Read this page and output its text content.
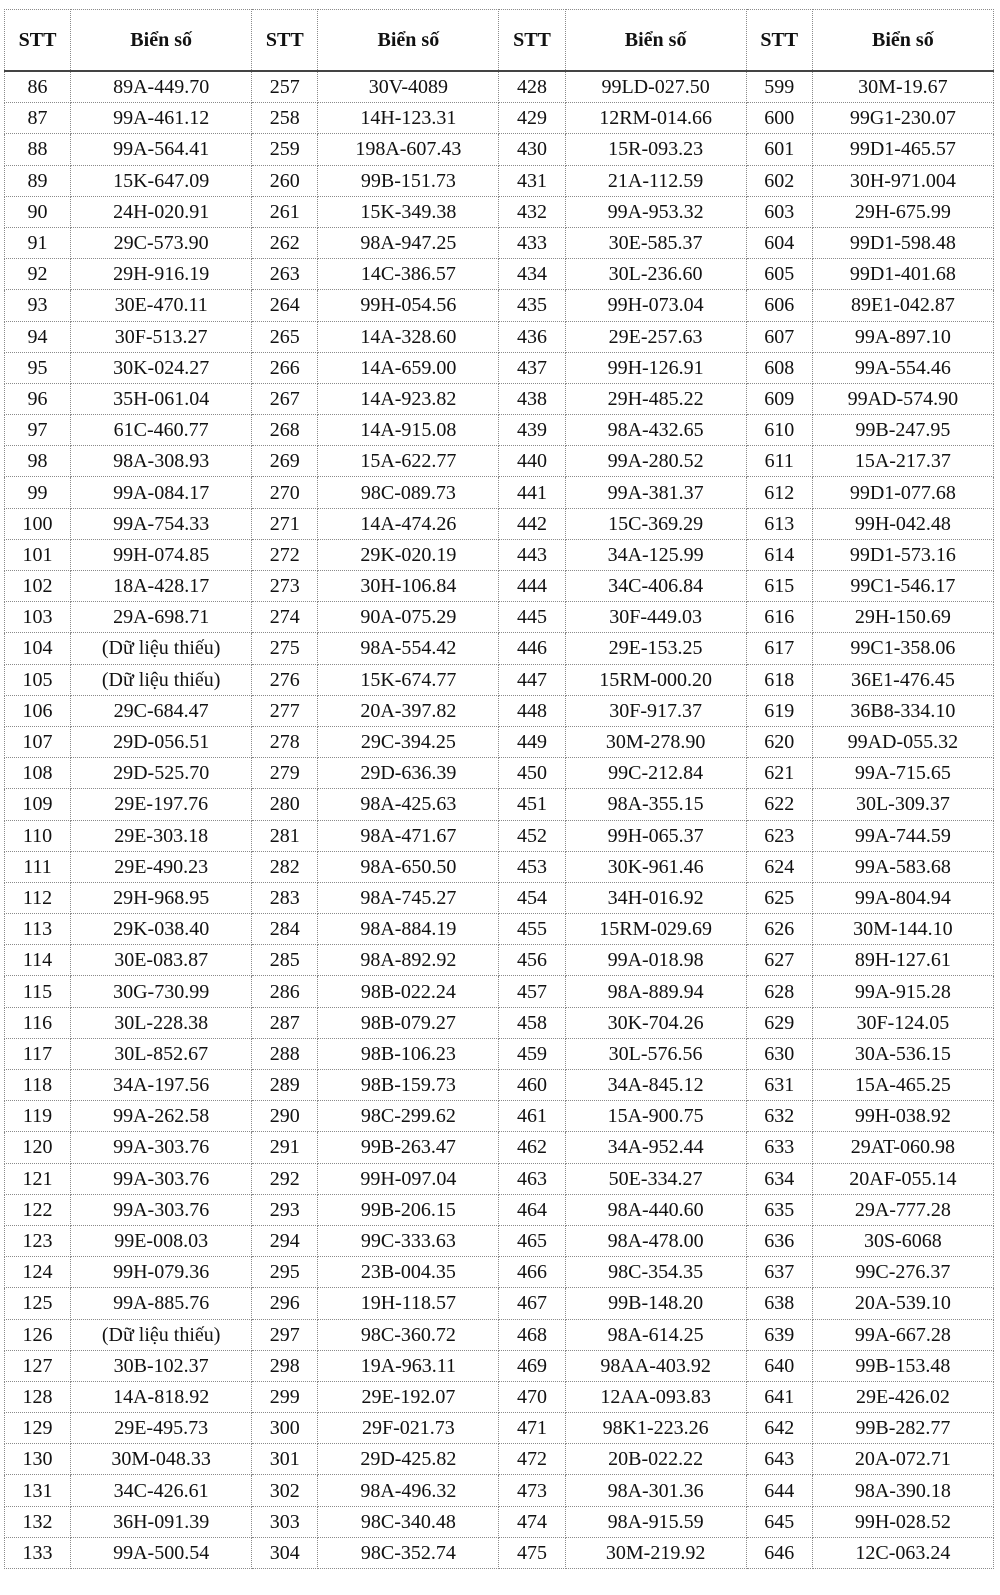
STT	Biển số	STT	Biển số	STT	Biển số	STT	Biển số
86	89A-449.70	257	30V-4089	428	99LD-027.50	599	30M-19.67
87	99A-461.12	258	14H-123.31	429	12RM-014.66	600	99G1-230.07
88	99A-564.41	259	198A-607.43	430	15R-093.23	601	99D1-465.57
89	15K-647.09	260	99B-151.73	431	21A-112.59	602	30H-971.004
90	24H-020.91	261	15K-349.38	432	99A-953.32	603	29H-675.99
91	29C-573.90	262	98A-947.25	433	30E-585.37	604	99D1-598.48
92	29H-916.19	263	14C-386.57	434	30L-236.60	605	99D1-401.68
93	30E-470.11	264	99H-054.56	435	99H-073.04	606	89E1-042.87
94	30F-513.27	265	14A-328.60	436	29E-257.63	607	99A-897.10
95	30K-024.27	266	14A-659.00	437	99H-126.91	608	99A-554.46
96	35H-061.04	267	14A-923.82	438	29H-485.22	609	99AD-574.90
97	61C-460.77	268	14A-915.08	439	98A-432.65	610	99B-247.95
98	98A-308.93	269	15A-622.77	440	99A-280.52	611	15A-217.37
99	99A-084.17	270	98C-089.73	441	99A-381.37	612	99D1-077.68
100	99A-754.33	271	14A-474.26	442	15C-369.29	613	99H-042.48
101	99H-074.85	272	29K-020.19	443	34A-125.99	614	99D1-573.16
102	18A-428.17	273	30H-106.84	444	34C-406.84	615	99C1-546.17
103	29A-698.71	274	90A-075.29	445	30F-449.03	616	29H-150.69
104	(Dữ liệu thiếu)	275	98A-554.42	446	29E-153.25	617	99C1-358.06
105	(Dữ liệu thiếu)	276	15K-674.77	447	15RM-000.20	618	36E1-476.45
106	29C-684.47	277	20A-397.82	448	30F-917.37	619	36B8-334.10
107	29D-056.51	278	29C-394.25	449	30M-278.90	620	99AD-055.32
108	29D-525.70	279	29D-636.39	450	99C-212.84	621	99A-715.65
109	29E-197.76	280	98A-425.63	451	98A-355.15	622	30L-309.37
110	29E-303.18	281	98A-471.67	452	99H-065.37	623	99A-744.59
111	29E-490.23	282	98A-650.50	453	30K-961.46	624	99A-583.68
112	29H-968.95	283	98A-745.27	454	34H-016.92	625	99A-804.94
113	29K-038.40	284	98A-884.19	455	15RM-029.69	626	30M-144.10
114	30E-083.87	285	98A-892.92	456	99A-018.98	627	89H-127.61
115	30G-730.99	286	98B-022.24	457	98A-889.94	628	99A-915.28
116	30L-228.38	287	98B-079.27	458	30K-704.26	629	30F-124.05
117	30L-852.67	288	98B-106.23	459	30L-576.56	630	30A-536.15
118	34A-197.56	289	98B-159.73	460	34A-845.12	631	15A-465.25
119	99A-262.58	290	98C-299.62	461	15A-900.75	632	99H-038.92
120	99A-303.76	291	99B-263.47	462	34A-952.44	633	29AT-060.98
121	99A-303.76	292	99H-097.04	463	50E-334.27	634	20AF-055.14
122	99A-303.76	293	99B-206.15	464	98A-440.60	635	29A-777.28
123	99E-008.03	294	99C-333.63	465	98A-478.00	636	30S-6068
124	99H-079.36	295	23B-004.35	466	98C-354.35	637	99C-276.37
125	99A-885.76	296	19H-118.57	467	99B-148.20	638	20A-539.10
126	(Dữ liệu thiếu)	297	98C-360.72	468	98A-614.25	639	99A-667.28
127	30B-102.37	298	19A-963.11	469	98AA-403.92	640	99B-153.48
128	14A-818.92	299	29E-192.07	470	12AA-093.83	641	29E-426.02
129	29E-495.73	300	29F-021.73	471	98K1-223.26	642	99B-282.77
130	30M-048.33	301	29D-425.82	472	20B-022.22	643	20A-072.71
131	34C-426.61	302	98A-496.32	473	98A-301.36	644	98A-390.18
132	36H-091.39	303	98C-340.48	474	98A-915.59	645	99H-028.52
133	99A-500.54	304	98C-352.74	475	30M-219.92	646	12C-063.24
